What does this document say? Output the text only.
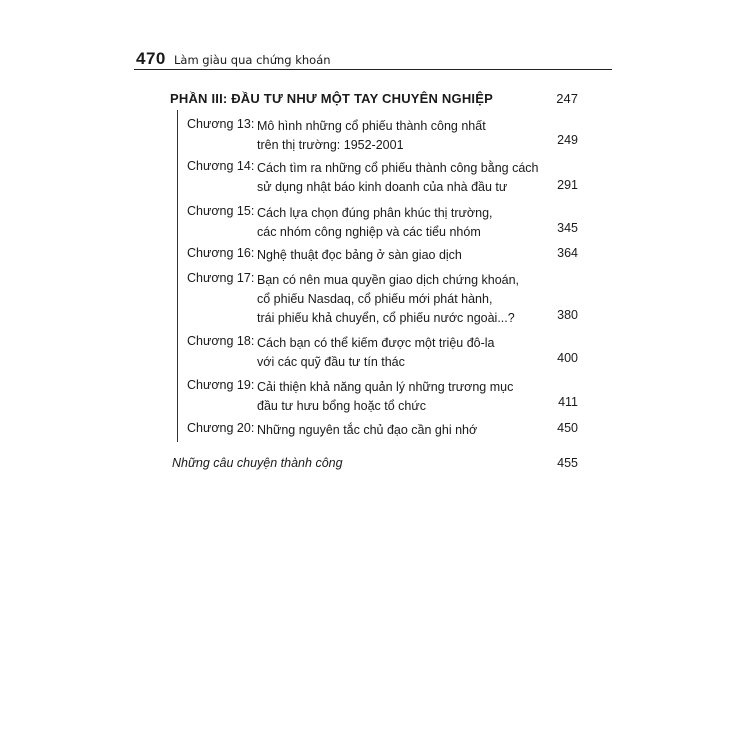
470 Làm giàu qua chứng khoán
PHẦN III: ĐẦU TƯ NHƯ MỘT TAY CHUYÊN NGHIỆP	247
Chương 13: Mô hình những cổ phiếu thành công nhất
trên thị trường: 1952-2001	249
Chương 14: Cách tìm ra những cổ phiếu thành công bằng cách
sử dụng nhật báo kinh doanh của nhà đầu tư	291
Chương 15: Cách lựa chọn đúng phân khúc thị trường,
các nhóm công nghiệp và các tiểu nhóm	345
Chương 16: Nghệ thuật đọc bảng ở sàn giao dịch	364
Chương 17: Bạn có nên mua quyền giao dịch chứng khoán,
cổ phiếu Nasdaq, cổ phiếu mới phát hành,
trái phiếu khả chuyển, cổ phiếu nước ngoài...?	380
Chương 18: Cách bạn có thể kiếm được một triệu đô-la
với các quỹ đầu tư tín thác	400
Chương 19: Cải thiện khả năng quản lý những trương mục
đầu tư hưu bổng hoặc tổ chức	411
Chương 20: Những nguyên tắc chủ đạo cần ghi nhớ	450
Những câu chuyện thành công	455
